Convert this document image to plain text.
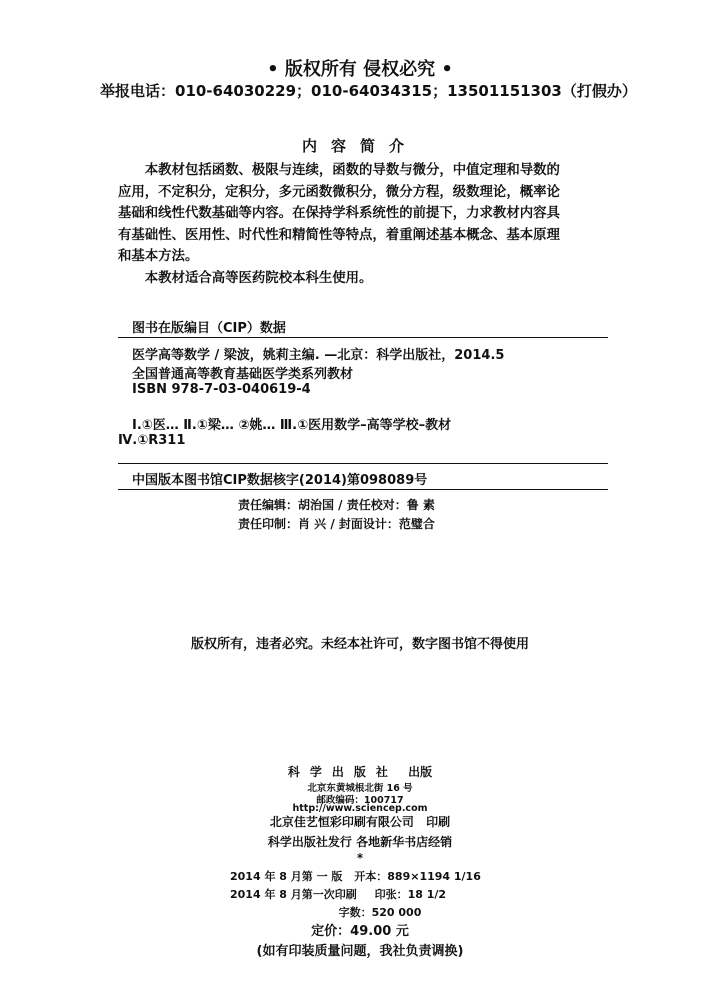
• 版权所有 侵权必究 •
举报电话：010-64030229；010-64034315；13501151303（打假办）
内容简介

本教材包括函数、极限与连续，函数的导数与微分，中值定理和导数的
应用，不定积分，定积分，多元函数微积分，微分方程，级数理论，概率论
基础和线性代数基础等内容。在保持学科系统性的前提下，力求教材内容具
有基础性、医用性、时代性和精简性等特点，着重阐述基本概念、基本原理
和基本方法。

本教材适合高等医药院校本科生使用。

图书在版编目（CIP）数据
医学高等数学 / 梁波，姚莉主编. —北京：科学出版社，2014.5
全国普通高等教育基础医学类系列教材
ISBN 978-7-03-040619-4
Ⅰ.①医… Ⅱ.①梁… ②姚… Ⅲ.①医用数学–高等学校–教材
Ⅳ.①R311
中国版本图书馆CIP数据核字(2014)第098089号
责任编辑：胡治国 / 责任校对：鲁 素
责任印制：肖 兴 / 封面设计：范璧合
版权所有，违者必究。未经本社许可，数字图书馆不得使用
科学出版社 出版
北京东黄城根北街 16 号
邮政编码：100717
http://www.sciencep.com
北京佳艺恒彩印刷有限公司 印刷
科学出版社发行 各地新华书店经销
*
2014 年 8 月第 一 版 开本：889×1194 1/16
2014 年 8 月第一次印刷 印张：18 1/2
字数：520 000
定价：49.00 元
(如有印装质量问题，我社负责调换)
